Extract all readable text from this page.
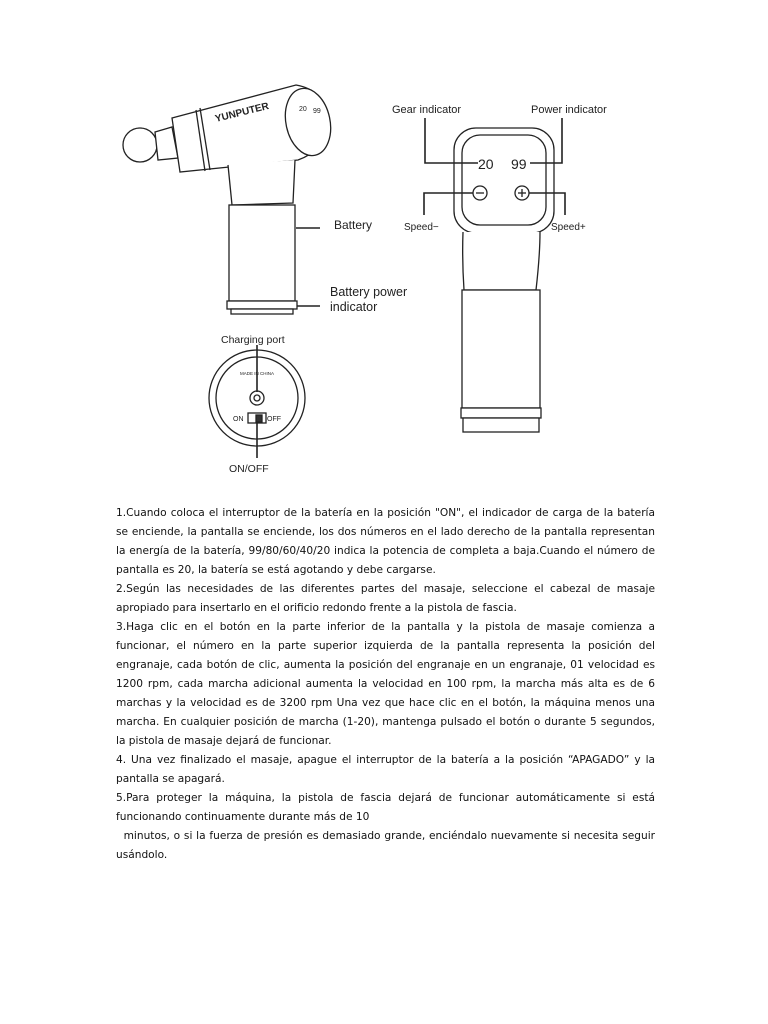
YUNPUTER	20 99
20 99
Gear indicator	Power indicator
Speed−	Speed+
Battery
Battery power
indicator
Charging port
MADE IN CHINA
ON	OFF
ON/OFF

1.Cuando coloca el interruptor de la batería en la posición "ON", el indicador de carga de la batería se enciende, la pantalla se enciende, los dos números en el lado derecho de la pantalla representan la energía de la batería, 99/80/60/40/20 indica la potencia de completa a baja.Cuando el número de pantalla es 20, la batería se está agotando y debe cargarse.

2.Según las necesidades de las diferentes partes del masaje, seleccione el cabezal de masaje apropiado para insertarlo en el orificio redondo frente a la pistola de fascia.

3.Haga clic en el botón en la parte inferior de la pantalla y la pistola de masaje comienza a funcionar, el número en la parte superior izquierda de la pantalla representa la posición del engranaje, cada botón de clic, aumenta la posición del engranaje en un engranaje, 01 velocidad es 1200 rpm, cada marcha adicional aumenta la velocidad en 100 rpm, la marcha más alta es de 6 marchas y la velocidad es de 3200 rpm Una vez que hace clic en el botón, la máquina menos una marcha. En cualquier posición de marcha (1-20), mantenga pulsado el botón o durante 5 segundos, la pistola de masaje dejará de funcionar.

4. Una vez finalizado el masaje, apague el interruptor de la batería a la posición “APAGADO” y la pantalla se apagará.

5.Para proteger la máquina, la pistola de fascia dejará de funcionar automáticamente si está funcionando continuamente durante más de 10

minutos, o si la fuerza de presión es demasiado grande, enciéndalo nuevamente si necesita seguir usándolo.
